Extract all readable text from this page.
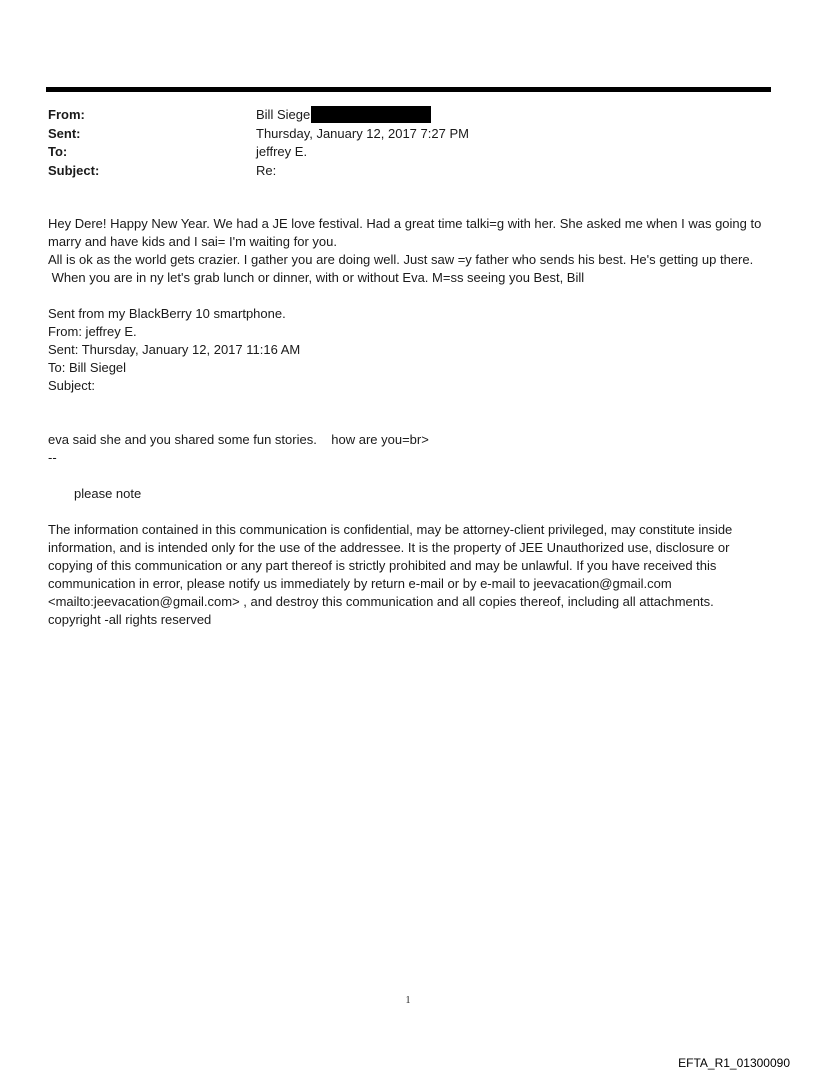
From:	Bill Siege
Sent:	Thursday, January 12, 2017 7:27 PM
To:	jeffrey E.
Subject:	Re:

Hey Dere! Happy New Year. We had a JE love festival. Had a great time talki=g with her. She asked me when I was going to marry and have kids and I sai= I'm waiting for you.

All is ok as the world gets crazier. I gather you are doing well. Just saw =y father who sends his best. He's getting up there.

When you are in ny let's grab lunch or dinner, with or without Eva. M=ss seeing you Best, Bill

Sent from my BlackBerry 10 smartphone.

From: jeffrey E.

Sent: Thursday, January 12, 2017 11:16 AM

To: Bill Siegel

Subject:

eva said she and you shared some fun stories.    how are you=br>

--

please note

The information contained in this communication is confidential, may be attorney-client privileged, may constitute inside information, and is intended only for the use of the addressee. It is the property of JEE Unauthorized use, disclosure or copying of this communication or any part thereof is strictly prohibited and may be unlawful. If you have received this communication in error, please notify us immediately by return e-mail or by e-mail to jeevacation@gmail.com <mailto:jeevacation@gmail.com> , and destroy this communication and all copies thereof, including all attachments. copyright -all rights reserved

1
EFTA_R1_01300090
